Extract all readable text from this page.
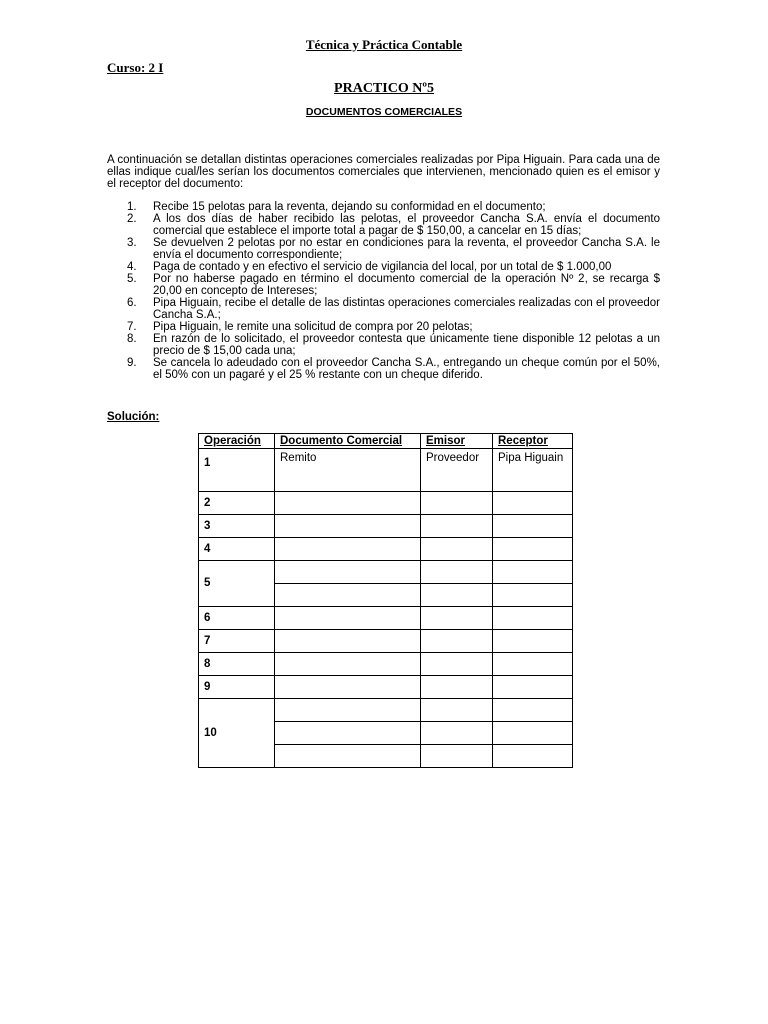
Técnica y Práctica Contable
Curso: 2 I
PRACTICO Nº5
DOCUMENTOS COMERCIALES
A continuación se detallan distintas operaciones comerciales realizadas por Pipa Higuain. Para cada una de ellas indique cual/les serían los documentos comerciales que intervienen, mencionado quien es el emisor y el receptor del documento:
1. Recibe 15 pelotas para la reventa, dejando su conformidad en el documento;
2. A los dos días de haber recibido las pelotas, el proveedor Cancha S.A. envía el documento comercial que establece el importe total a pagar de $ 150,00, a cancelar en 15 días;
3. Se devuelven 2 pelotas por no estar en condiciones para la reventa, el proveedor Cancha S.A. le envía el documento correspondiente;
4. Paga de contado y en efectivo el servicio de vigilancia del local, por un total de $ 1.000,00
5. Por no haberse pagado en término el documento comercial de la operación Nº 2, se recarga $ 20,00 en concepto de Intereses;
6. Pipa Higuain, recibe el detalle de las distintas operaciones comerciales realizadas con el proveedor Cancha S.A.;
7. Pipa Higuain, le remite una solicitud de compra por 20 pelotas;
8. En razón de lo solicitado, el proveedor contesta que únicamente tiene disponible 12 pelotas a un precio de $ 15,00 cada una;
9. Se cancela lo adeudado con el proveedor Cancha S.A., entregando un cheque común por el 50%, el 50% con un pagaré y el 25 % restante con un cheque diferido.
Solución:
Operación	Documento Comercial	Emisor	Receptor
1	Remito	Proveedor	Pipa Higuain
2			
3			
4			
5			

6			
7			
8			
9			
10			
